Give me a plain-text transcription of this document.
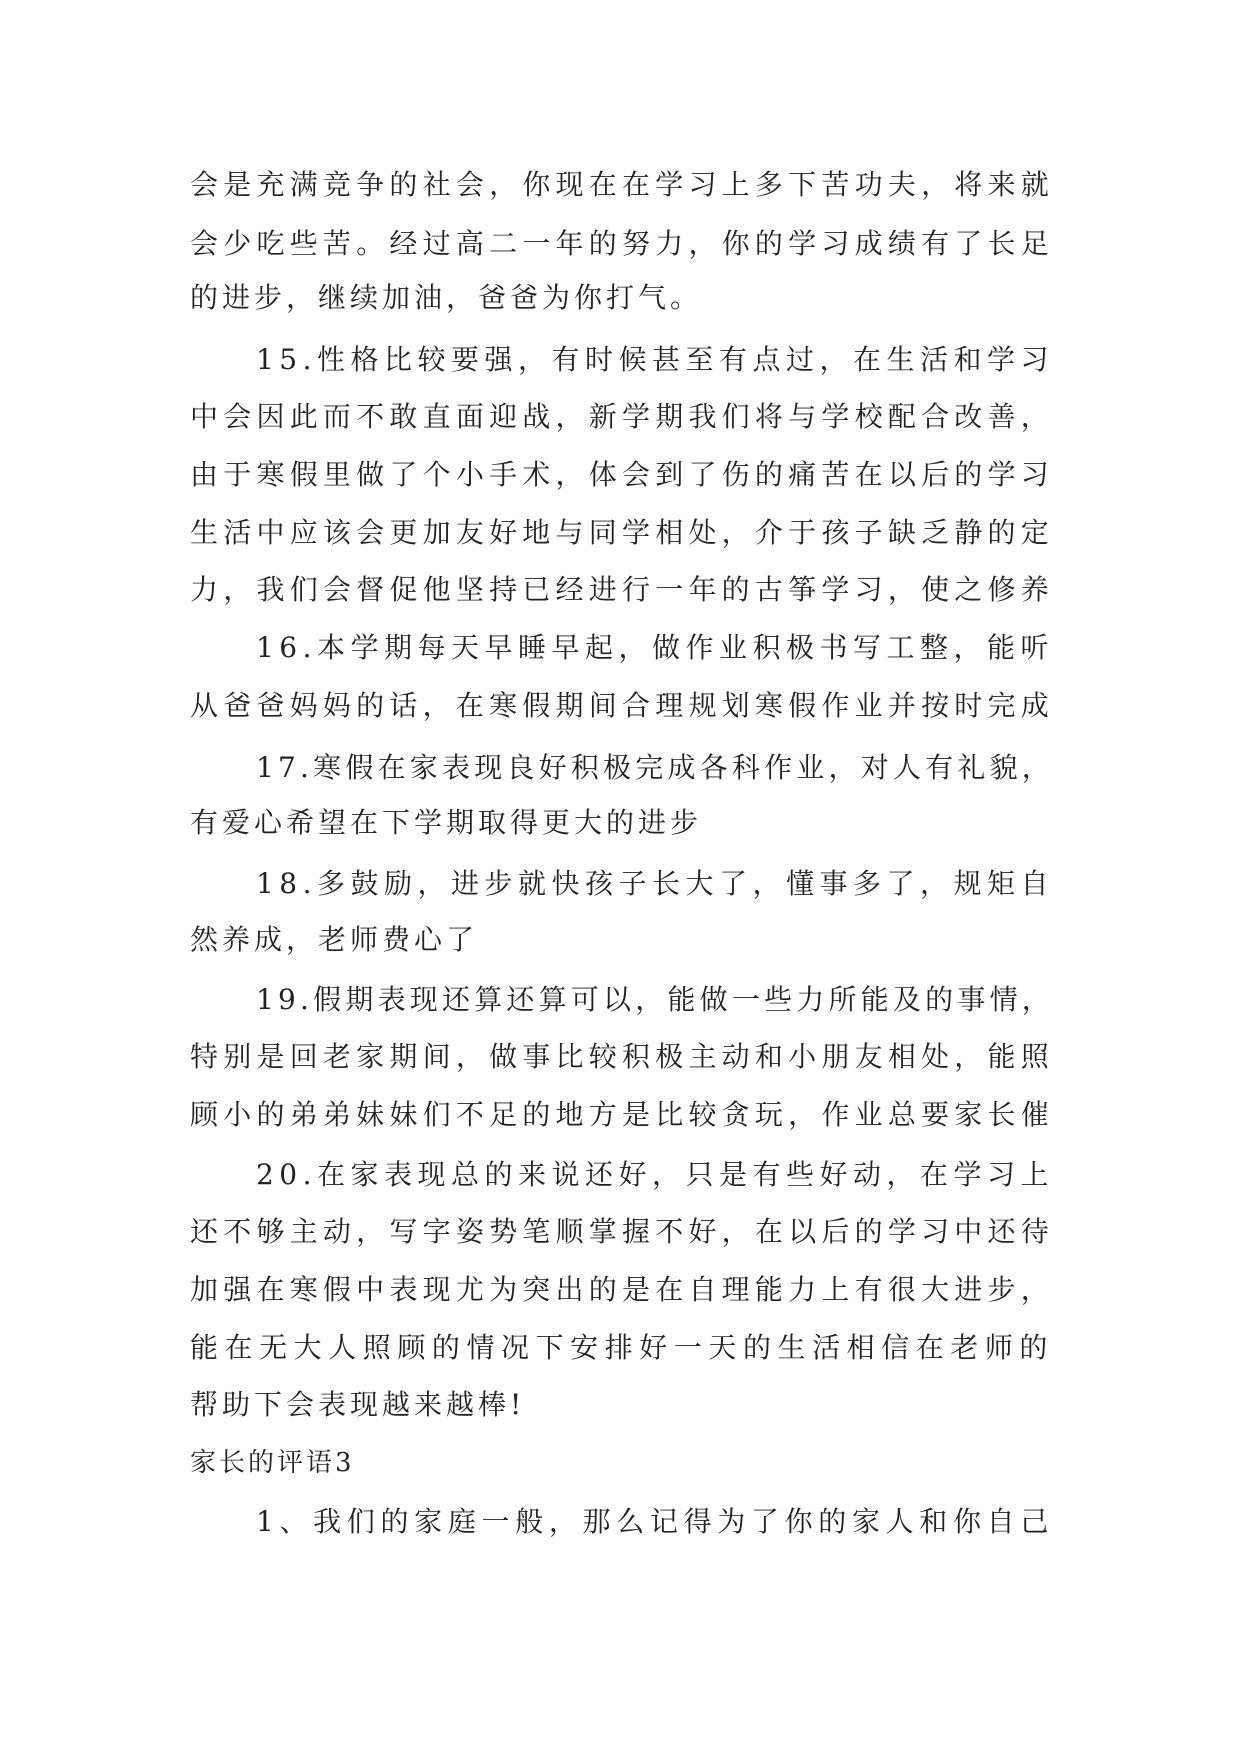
会是充满竞争的社会，你现在在学习上多下苦功夫，将来就
会少吃些苦。经过高二一年的努力，你的学习成绩有了长足
的进步，继续加油，爸爸为你打气。
15.性格比较要强，有时候甚至有点过，在生活和学习
中会因此而不敢直面迎战，新学期我们将与学校配合改善，
由于寒假里做了个小手术，体会到了伤的痛苦在以后的学习
生活中应该会更加友好地与同学相处，介于孩子缺乏静的定
力，我们会督促他坚持已经进行一年的古筝学习，使之修养
16.本学期每天早睡早起，做作业积极书写工整，能听
从爸爸妈妈的话，在寒假期间合理规划寒假作业并按时完成
17.寒假在家表现良好积极完成各科作业，对人有礼貌，
有爱心希望在下学期取得更大的进步
18.多鼓励，进步就快孩子长大了，懂事多了，规矩自
然养成，老师费心了
19.假期表现还算还算可以，能做一些力所能及的事情，
特别是回老家期间，做事比较积极主动和小朋友相处，能照
顾小的弟弟妹妹们不足的地方是比较贪玩，作业总要家长催
20.在家表现总的来说还好，只是有些好动，在学习上
还不够主动，写字姿势笔顺掌握不好，在以后的学习中还待
加强在寒假中表现尤为突出的是在自理能力上有很大进步，
能在无大人照顾的情况下安排好一天的生活相信在老师的
帮助下会表现越来越棒!
家长的评语3
1、我们的家庭一般，那么记得为了你的家人和你自己
